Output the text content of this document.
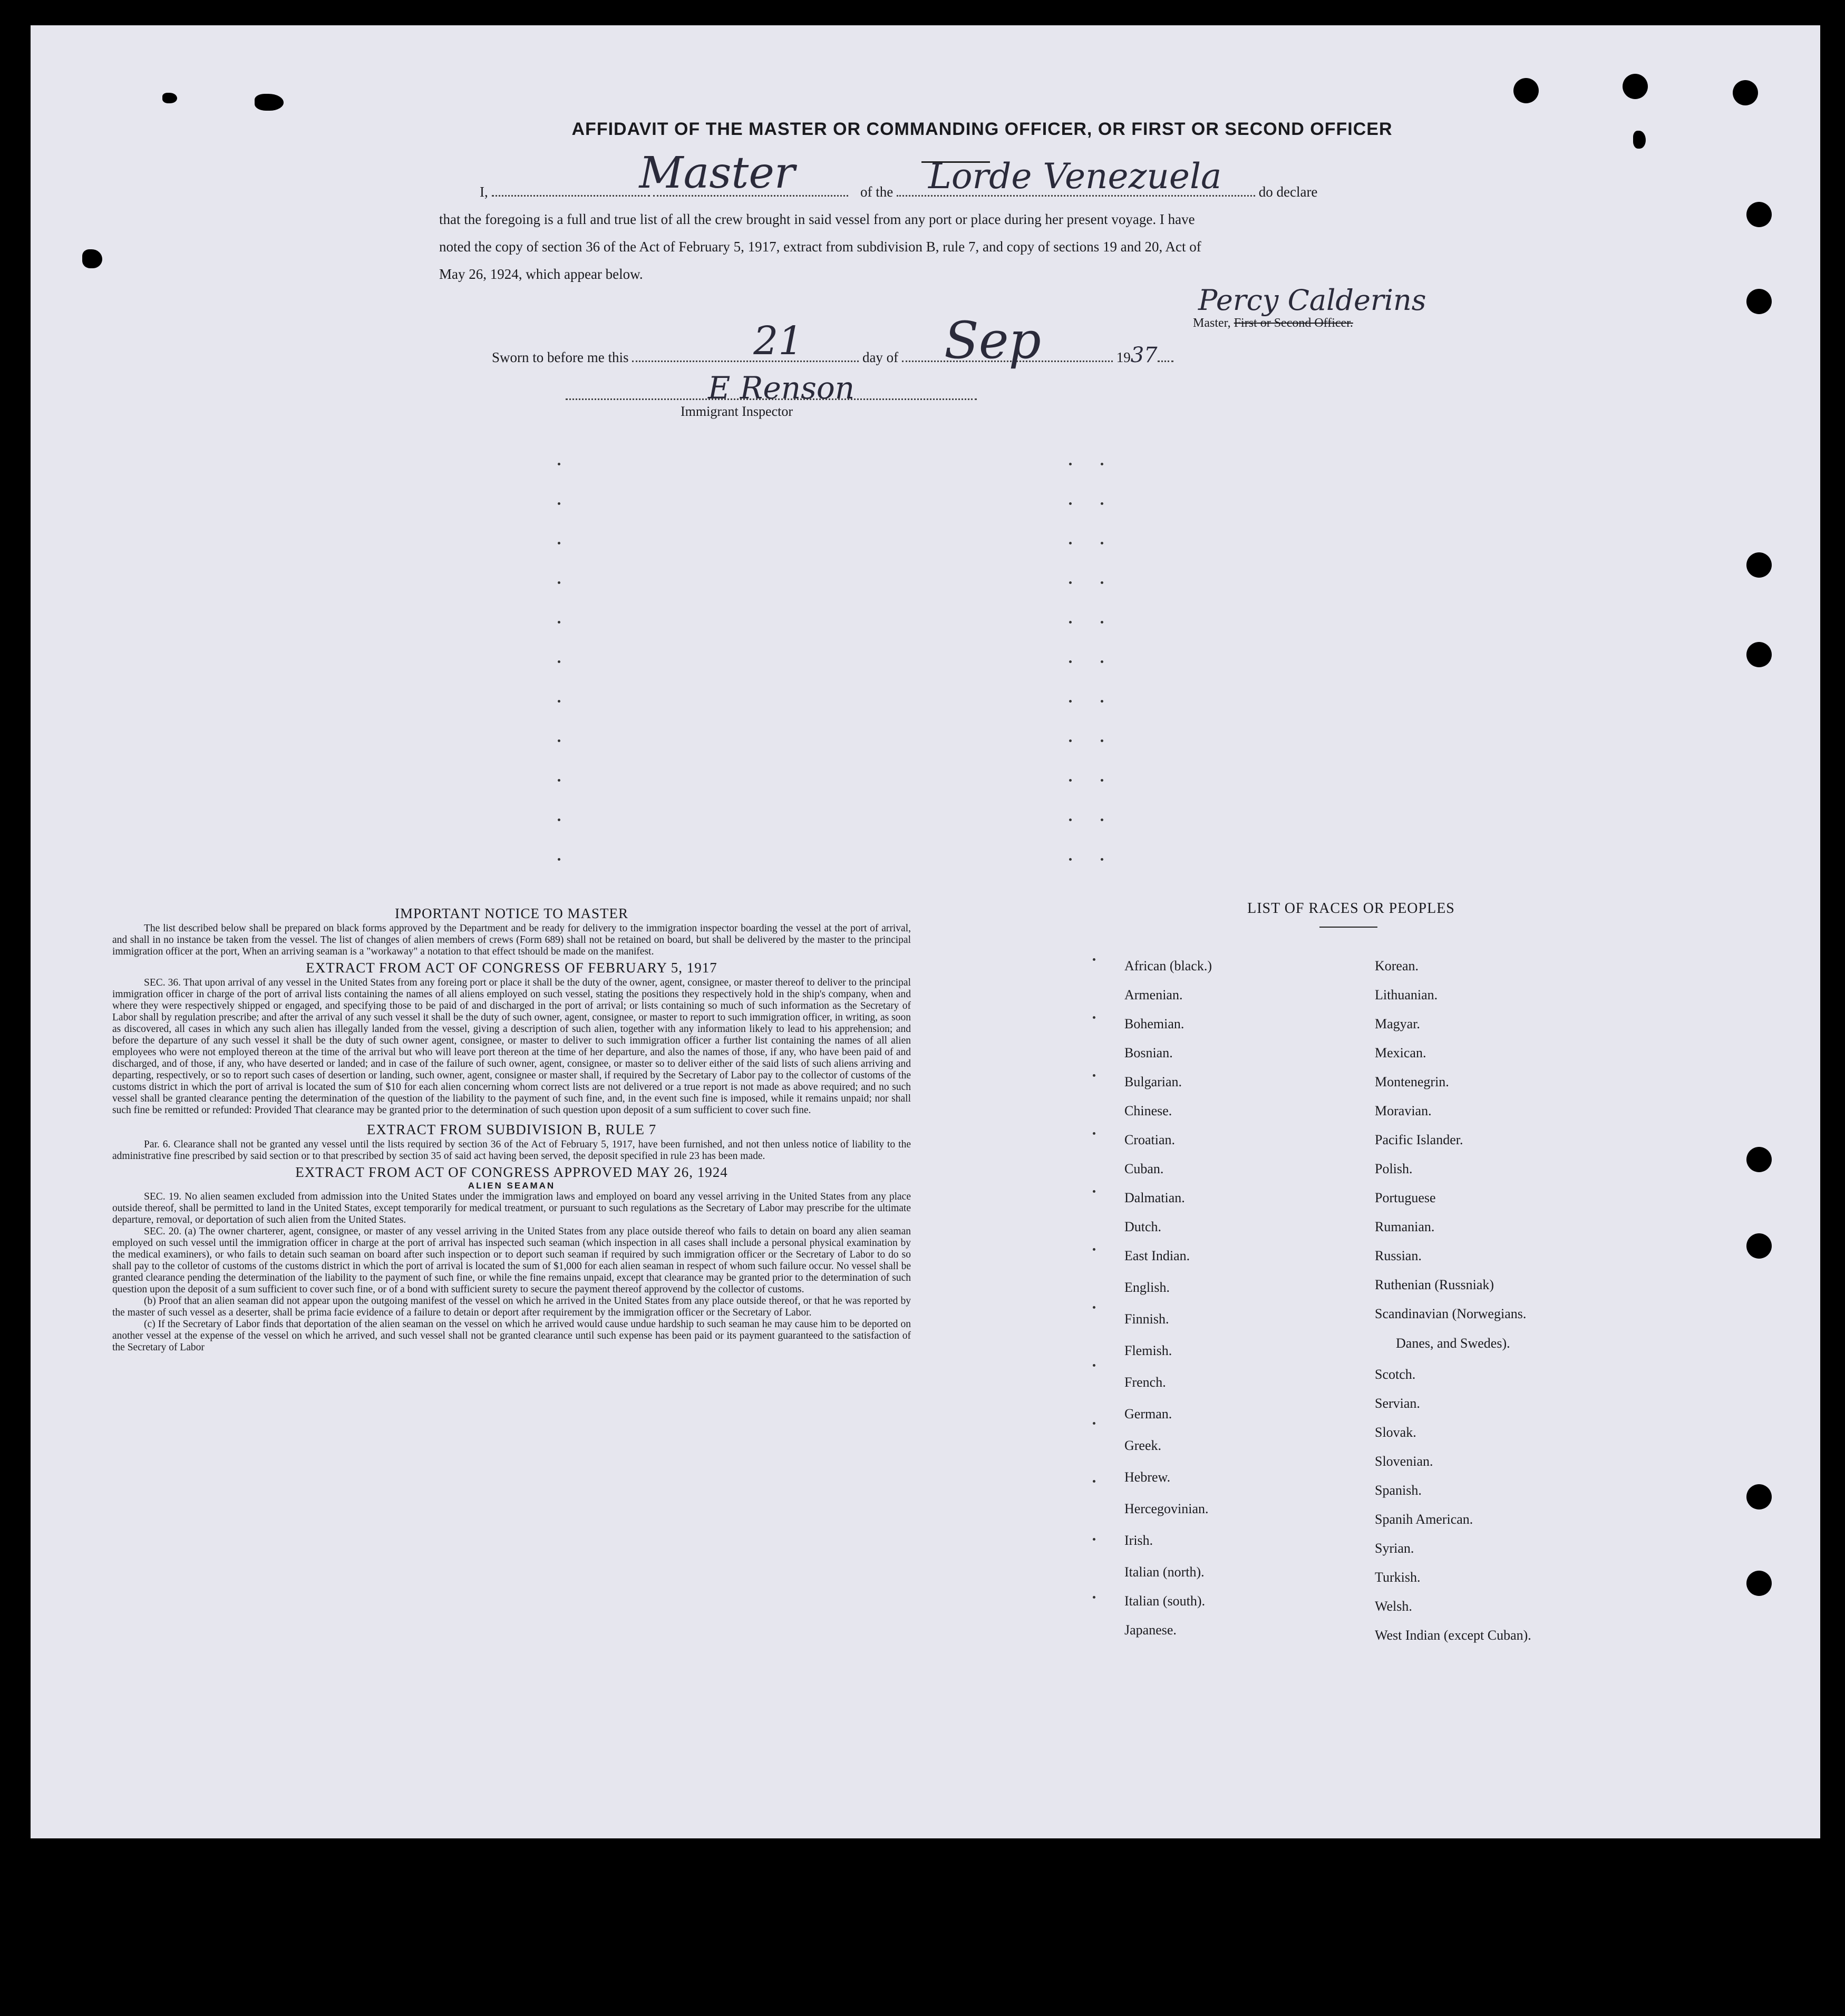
AFFIDAVIT OF THE MASTER OR COMMANDING OFFICER, OR FIRST OR SECOND OFFICER
I,	Master	of the Lorde Venezuela	do declare
that the foregoing is a full and true list of all the crew brought in said vessel from any port or place during her present voyage. I have
noted the copy of section 36 of the Act of February 5, 1917, extract from subdivision B, rule 7, and copy of sections 19 and 20, Act of
May 26, 1924, which appear below.
Percy Calderins
Master, First or Second Officer.
Sworn to before me this	21	day of Sep	1937
E Renson
Immigrant Inspector
IMPORTANT NOTICE TO MASTER
The list described below shall be prepared on black forms approved by the Department and be ready for delivery to the immigration inspector boarding the vessel at the port of arrival, and shall in no instance be taken from the vessel. The list of changes of alien members of crews (Form 689) shall not be retained on board, but shall be delivered by the master to the principal immigration officer at the port, When an arriving seaman is a "workaway" a notation to that effect tshould be made on the manifest.
EXTRACT FROM ACT OF CONGRESS OF FEBRUARY 5, 1917
SEC. 36. That upon arrival of any vessel in the United States from any foreing port or place it shall be the duty of the owner, agent, consignee, or master thereof to deliver to the principal immigration officer in charge of the port of arrival lists containing the names of all aliens employed on such vessel, stating the positions they respectively hold in the ship's company, when and where they were respectively shipped or engaged, and specifying those to be paid of and discharged in the port of arrival; or lists containing so much of such information as the Secretary of Labor shall by regulation prescribe; and after the arrival of any such vessel it shall be the duty of such owner, agent, consignee, or master to report to such immigration officer, in writing, as soon as discovered, all cases in which any such alien has illegally landed from the vessel, giving a description of such alien, together with any information likely to lead to his apprehension; and before the departure of any such vessel it shall be the duty of such owner agent, consignee, or master to deliver to such immigration officer a further list containing the names of all alien employees who were not employed thereon at the time of the arrival but who will leave port thereon at the time of her departure, and also the names of those, if any, who have been paid of and discharged, and of those, if any, who have deserted or landed; and in case of the failure of such owner, agent, consignee, or master so to deliver either of the said lists of such aliens arriving and departing, respectively, or so to report such cases of desertion or landing, such owner, agent, consignee or master shall, if required by the Secretary of Labor pay to the collector of customs of the customs district in which the port of arrival is located the sum of $10 for each alien concerning whom correct lists are not delivered or a true report is not made as above required; and no such vessel shall be granted clearance penting the determination of the question of the liability to the payment of such fine, and, in the event such fine is imposed, while it remains unpaid; nor shall such fine be remitted or refunded: Provided That clearance may be granted prior to the determination of such question upon deposit of a sum sufficient to cover such fine.
EXTRACT FROM SUBDIVISION B, RULE 7
Par. 6. Clearance shall not be granted any vessel until the lists required by section 36 of the Act of February 5, 1917, have been furnished, and not then unless notice of liability to the administrative fine prescribed by said section or to that prescribed by section 35 of said act having been served, the deposit specified in rule 23 has been made.
EXTRACT FROM ACT OF CONGRESS APPROVED MAY 26, 1924
ALIEN SEAMAN
SEC. 19. No alien seamen excluded from admission into the United States under the immigration laws and employed on board any vessel arriving in the United States from any place outside thereof, shall be permitted to land in the United States, except temporarily for medical treatment, or pursuant to such regulations as the Secretary of Labor may prescribe for the ultimate departure, removal, or deportation of such alien from the United States.
SEC. 20. (a) The owner charterer, agent, consignee, or master of any vessel arriving in the United States from any place outside thereof who fails to detain on board any alien seaman employed on such vessel until the immigration officer in charge at the port of arrival has inspected such seaman (which inspection in all cases shall include a personal physical examination by the medical examiners), or who fails to detain such seaman on board after such inspection or to deport such seaman if required by such immigration officer or the Secretary of Labor to do so shall pay to the colletor of customs of the customs district in which the port of arrival is located the sum of $1,000 for each alien seaman in respect of whom such failure occur. No vessel shall be granted clearance pending the determination of the liability to the payment of such fine, or while the fine remains unpaid, except that clearance may be granted prior to the determination of such question upon the deposit of a sum sufficient to cover such fine, or of a bond with sufficient surety to secure the payment thereof approvend by the collector of customs.
(b) Proof that an alien seaman did not appear upon the outgoing manifest of the vessel on which he arrived in the United States from any place outside thereof, or that he was reported by the master of such vessel as a deserter, shall be prima facie evidence of a failure to detain or deport after requirement by the immigration officer or the Secretary of Labor.
(c) If the Secretary of Labor finds that deportation of the alien seaman on the vessel on which he arrived would cause undue hardship to such seaman he may cause him to be deported on another vessel at the expense of the vessel on which he arrived, and such vessel shall not be granted clearance until such expense has been paid or its payment guaranteed to the satisfaction of the Secretary of Labor
LIST OF RACES OR PEOPLES
African (black.)
Armenian.
Bohemian.
Bosnian.
Bulgarian.
Chinese.
Croatian.
Cuban.
Dalmatian.
Dutch.
East Indian.
English.
Finnish.
Flemish.
French.
German.
Greek.
Hebrew.
Hercegovinian.
Irish.
Italian (north).
Italian (south).
Japanese.
Korean.
Lithuanian.
Magyar.
Mexican.
Montenegrin.
Moravian.
Pacific Islander.
Polish.
Portuguese
Rumanian.
Russian.
Ruthenian (Russniak)
Scandinavian (Norwegians.
Danes, and Swedes).
Scotch.
Servian.
Slovak.
Slovenian.
Spanish.
Spanih American.
Syrian.
Turkish.
Welsh.
West Indian (except Cuban).
